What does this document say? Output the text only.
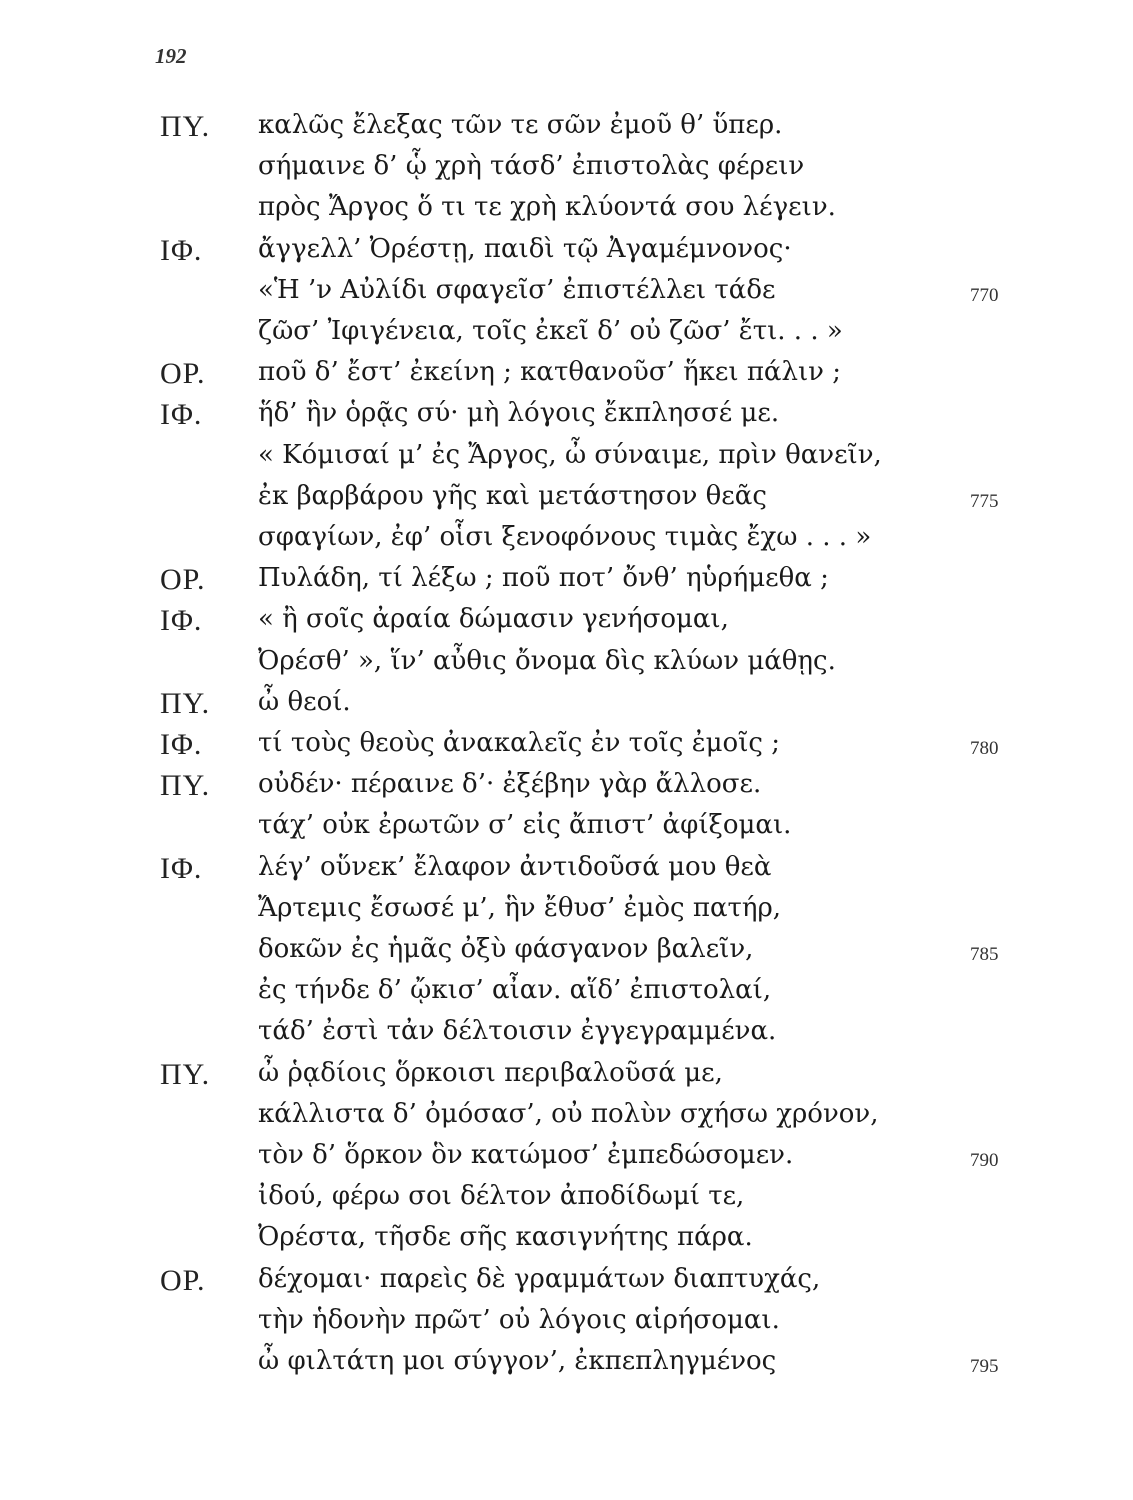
192
ΠΥ. καλῶς ἔλεξας τῶν τε σῶν ἐμοῦ θ’ ὕπερ.
σήμαινε δ’ ᾧ χρὴ τάσδ’ ἐπιστολὰς φέρειν
πρὸς Ἄργος ὅ τι τε χρὴ κλύοντά σου λέγειν.
ΙΦ. ἄγγελλ’ Ὀρέστῃ, παιδὶ τῷ Ἀγαμέμνονος·
«Ἡ ’ν Αὐλίδι σφαγεῖσ’ ἐπιστέλλει τάδε	770
ζῶσ’ Ἰφιγένεια, τοῖς ἐκεῖ δ’ οὐ ζῶσ’ ἔτι. . . »
ΟΡ. ποῦ δ’ ἔστ’ ἐκείνη ; κατθανοῦσ’ ἥκει πάλιν ;
ΙΦ. ἥδ’ ἣν ὁρᾷς σύ· μὴ λόγοις ἔκπλησσέ με.
« Κόμισαί μ’ ἐς Ἄργος, ὦ σύναιμε, πρὶν θανεῖν,
ἐκ βαρβάρου γῆς καὶ μετάστησον θεᾶς	775
σφαγίων, ἐφ’ οἷσι ξενοφόνους τιμὰς ἔχω . . . »
ΟΡ. Πυλάδη, τί λέξω ; ποῦ ποτ’ ὄνθ’ ηὑρήμεθα ;
ΙΦ. « ἢ σοῖς ἀραία δώμασιν γενήσομαι,
Ὀρέσθ’ », ἵν’ αὖθις ὄνομα δὶς κλύων μάθῃς.
ΠΥ. ὦ θεοί.
ΙΦ. τί τοὺς θεοὺς ἀνακαλεῖς ἐν τοῖς ἐμοῖς ;	780
ΠΥ. οὐδέν· πέραινε δ’· ἐξέβην γὰρ ἄλλοσε.
τάχ’ οὐκ ἐρωτῶν σ’ εἰς ἄπιστ’ ἀφίξομαι.
ΙΦ. λέγ’ οὕνεκ’ ἔλαφον ἀντιδοῦσά μου θεὰ
Ἄρτεμις ἔσωσέ μ’, ἣν ἔθυσ’ ἐμὸς πατήρ,
δοκῶν ἐς ἡμᾶς ὀξὺ φάσγανον βαλεῖν,	785
ἐς τήνδε δ’ ᾤκισ’ αἶαν. αἵδ’ ἐπιστολαί,
τάδ’ ἐστὶ τἀν δέλτοισιν ἐγγεγραμμένα.
ΠΥ. ὦ ῥᾳδίοις ὅρκοισι περιβαλοῦσά με,
κάλλιστα δ’ ὀμόσασ’, οὐ πολὺν σχήσω χρόνον,
τὸν δ’ ὅρκον ὃν κατώμοσ’ ἐμπεδώσομεν.	790
ἰδού, φέρω σοι δέλτον ἀποδίδωμί τε,
Ὀρέστα, τῆσδε σῆς κασιγνήτης πάρα.
ΟΡ. δέχομαι· παρεὶς δὲ γραμμάτων διαπτυχάς,
τὴν ἡδονὴν πρῶτ’ οὐ λόγοις αἱρήσομαι.
ὦ φιλτάτη μοι σύγγον’, ἐκπεπληγμένος	795
